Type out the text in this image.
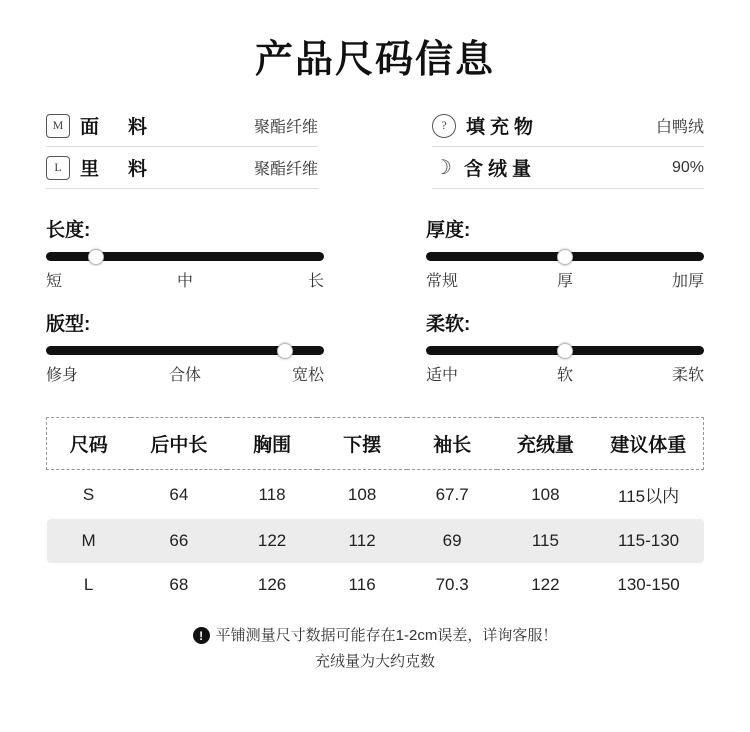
产品尺码信息
M 面　料	聚酯纤维
L 里　料	聚酯纤维
?	填充物	白鸭绒
☽ 含绒量	90%
长度:
短	中	长
版型:
修身	合体	宽松
厚度:
常规	厚	加厚
柔软:
适中	软	柔软
尺码	后中长	胸围	下摆	袖长	充绒量	建议体重
S	64	118	108	67.7	108	115以内
M	66	122	112	69	115	115-130
L	68	126	116	70.3	122	130-150
! 平铺测量尺寸数据可能存在1-2cm误差，详询客服！
充绒量为大约克数
